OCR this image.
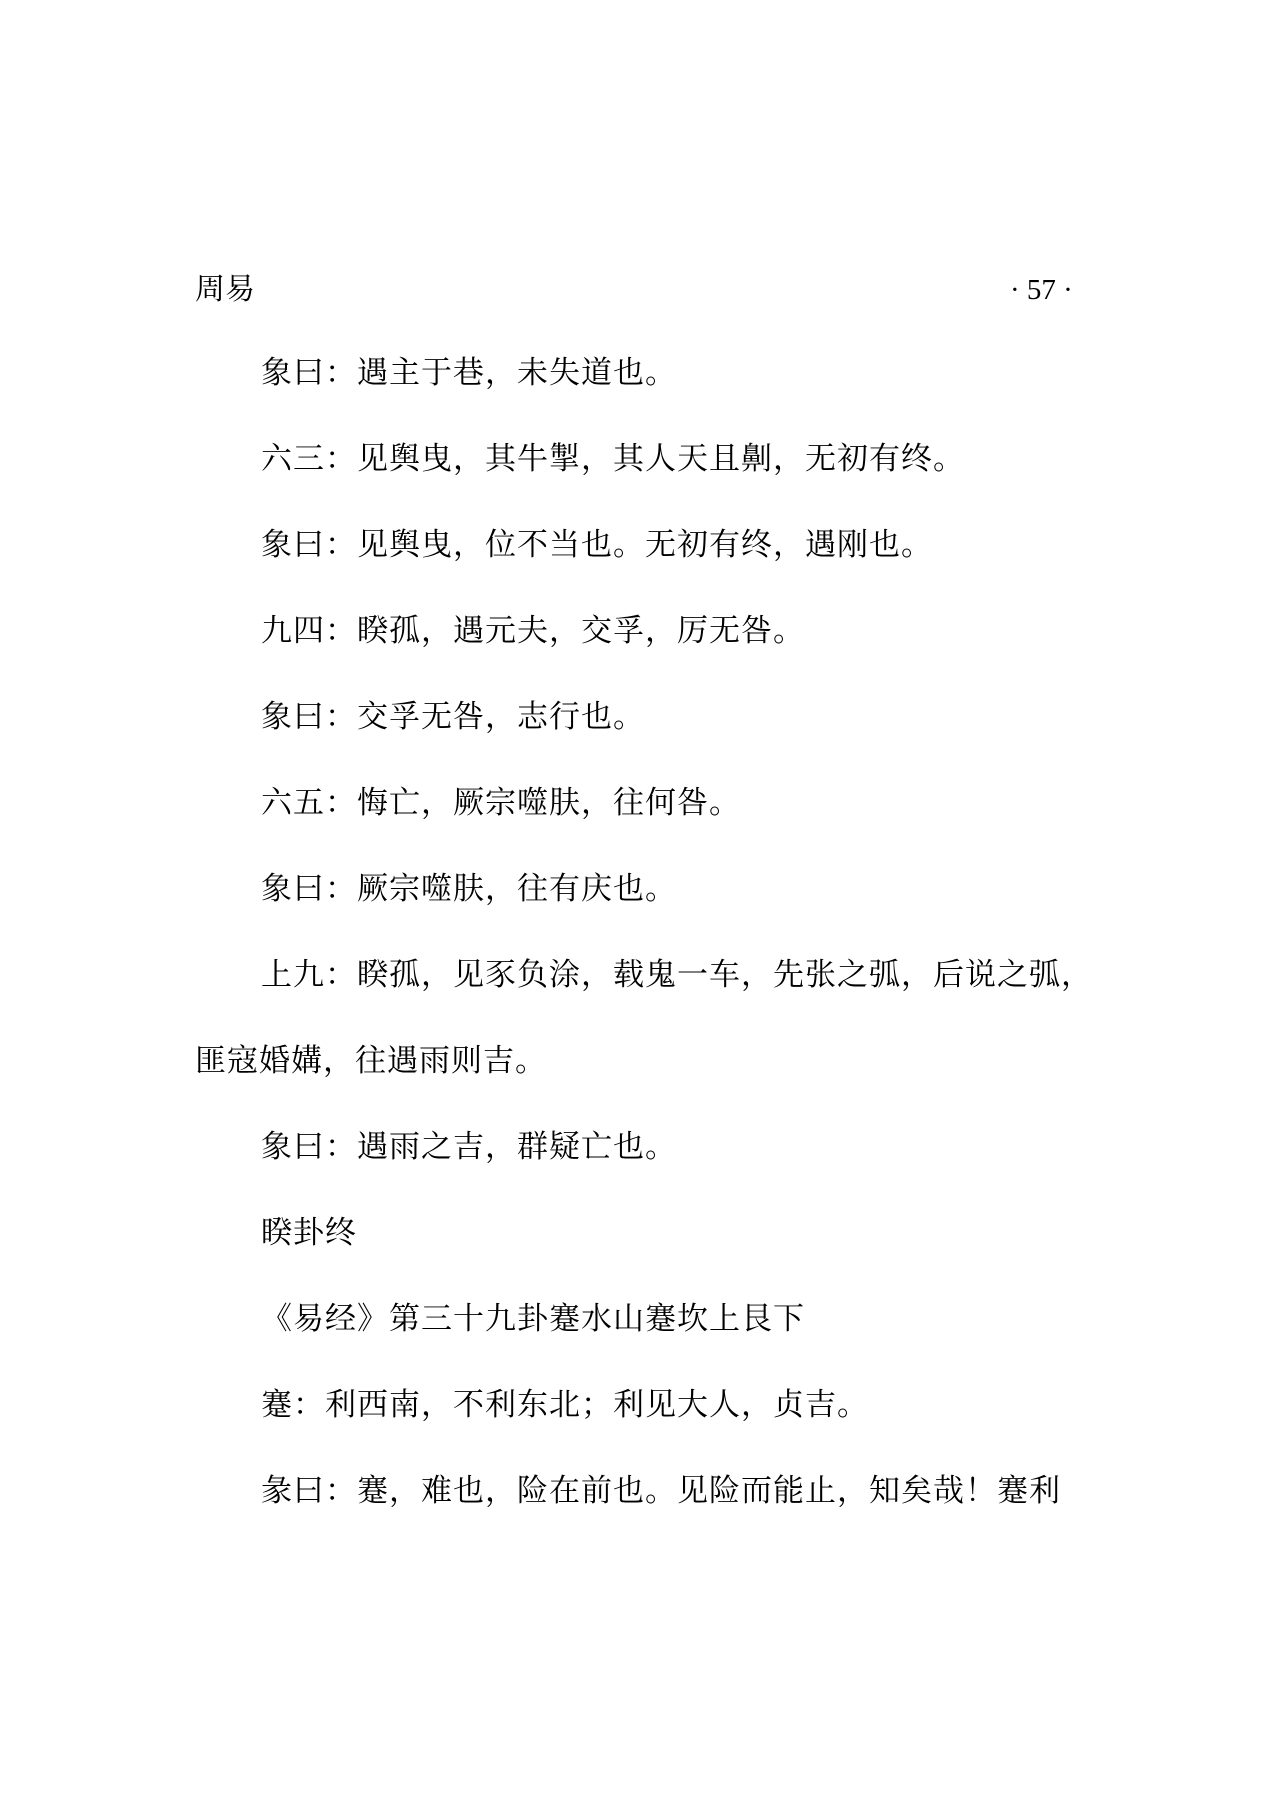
周易	· 57 ·
象曰：遇主于巷，未失道也。
六三：见舆曳，其牛掣，其人天且劓，无初有终。
象曰：见舆曳，位不当也。无初有终，遇刚也。
九四：睽孤，遇元夫，交孚，厉无咎。
象曰：交孚无咎，志行也。
六五：悔亡，厥宗噬肤，往何咎。
象曰：厥宗噬肤，往有庆也。
上九：睽孤，见豕负涂，载鬼一车，先张之弧，后说之弧，
匪寇婚媾，往遇雨则吉。
象曰：遇雨之吉，群疑亡也。
睽卦终
《易经》第三十九卦蹇水山蹇坎上艮下
蹇：利西南，不利东北；利见大人，贞吉。
彖曰：蹇，难也，险在前也。见险而能止，知矣哉！蹇利
